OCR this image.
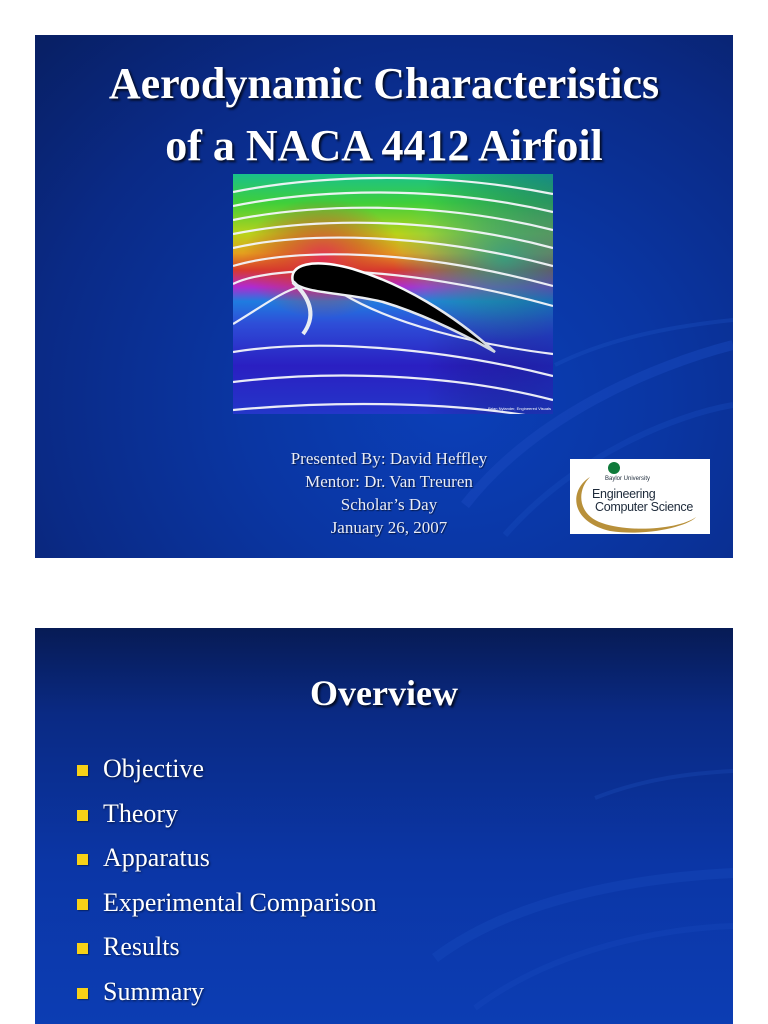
Aerodynamic Characteristics
of a NACA 4412 Airfoil
Brian Nylander, Engineered Visuals
Presented By: David Heffley
Mentor: Dr. Van Treuren
Scholar’s Day
January 26, 2007
Baylor University
Engineering
Computer Science
Overview
Objective
Theory
Apparatus
Experimental Comparison
Results
Summary
